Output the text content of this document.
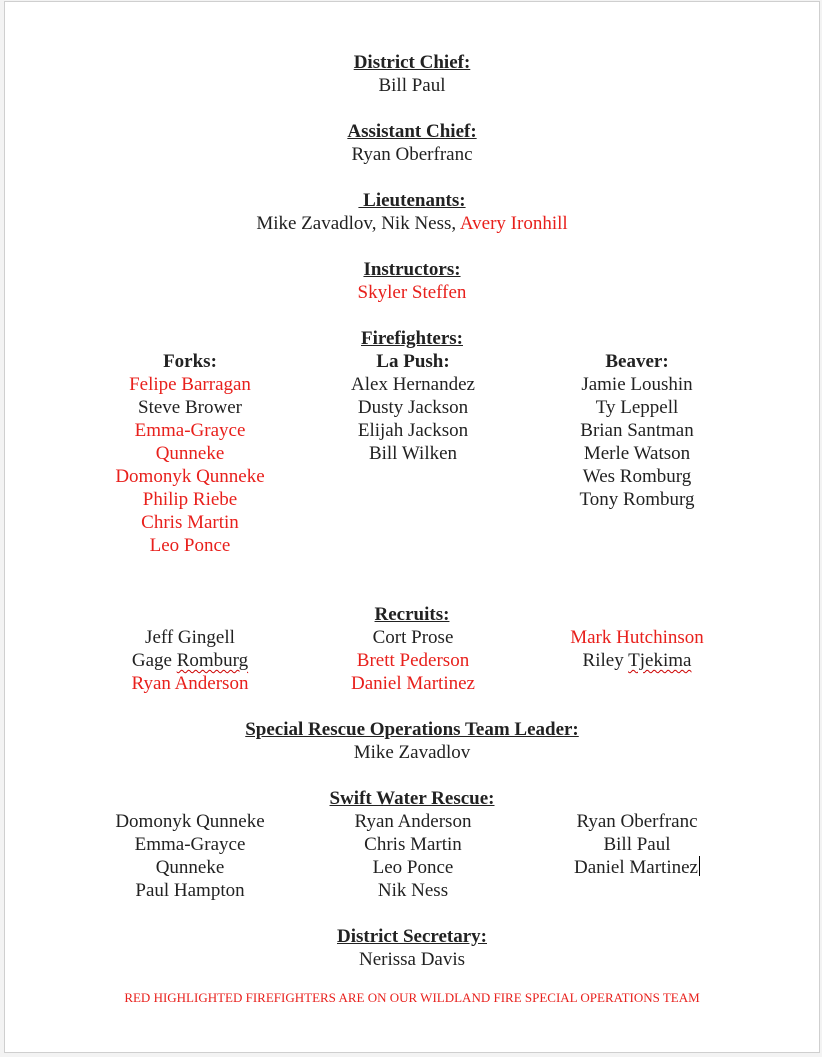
District Chief:
Bill Paul
Assistant Chief:
Ryan Oberfranc
Lieutenants:
Mike Zavadlov, Nik Ness, Avery Ironhill
Instructors:
Skyler Steffen
Firefighters:
Forks:
Felipe Barragan
Steve Brower
Emma-Grayce
Qunneke
Domonyk Qunneke
Philip Riebe
Chris Martin
Leo Ponce
La Push:
Alex Hernandez
Dusty Jackson
Elijah Jackson
Bill Wilken
Beaver:
Jamie Loushin
Ty Leppell
Brian Santman
Merle Watson
Wes Romburg
Tony Romburg
Recruits:
Jeff Gingell
Gage Romburg
Ryan Anderson
Cort Prose
Brett Pederson
Daniel Martinez
Mark Hutchinson
Riley Tjekima
Special Rescue Operations Team Leader:
Mike Zavadlov
Swift Water Rescue:
Domonyk Qunneke
Emma-Grayce
Qunneke
Paul Hampton
Ryan Anderson
Chris Martin
Leo Ponce
Nik Ness
Ryan Oberfranc
Bill Paul
Daniel Martinez
District Secretary:
Nerissa Davis
RED HIGHLIGHTED FIREFIGHTERS ARE ON OUR WILDLAND FIRE SPECIAL OPERATIONS TEAM
